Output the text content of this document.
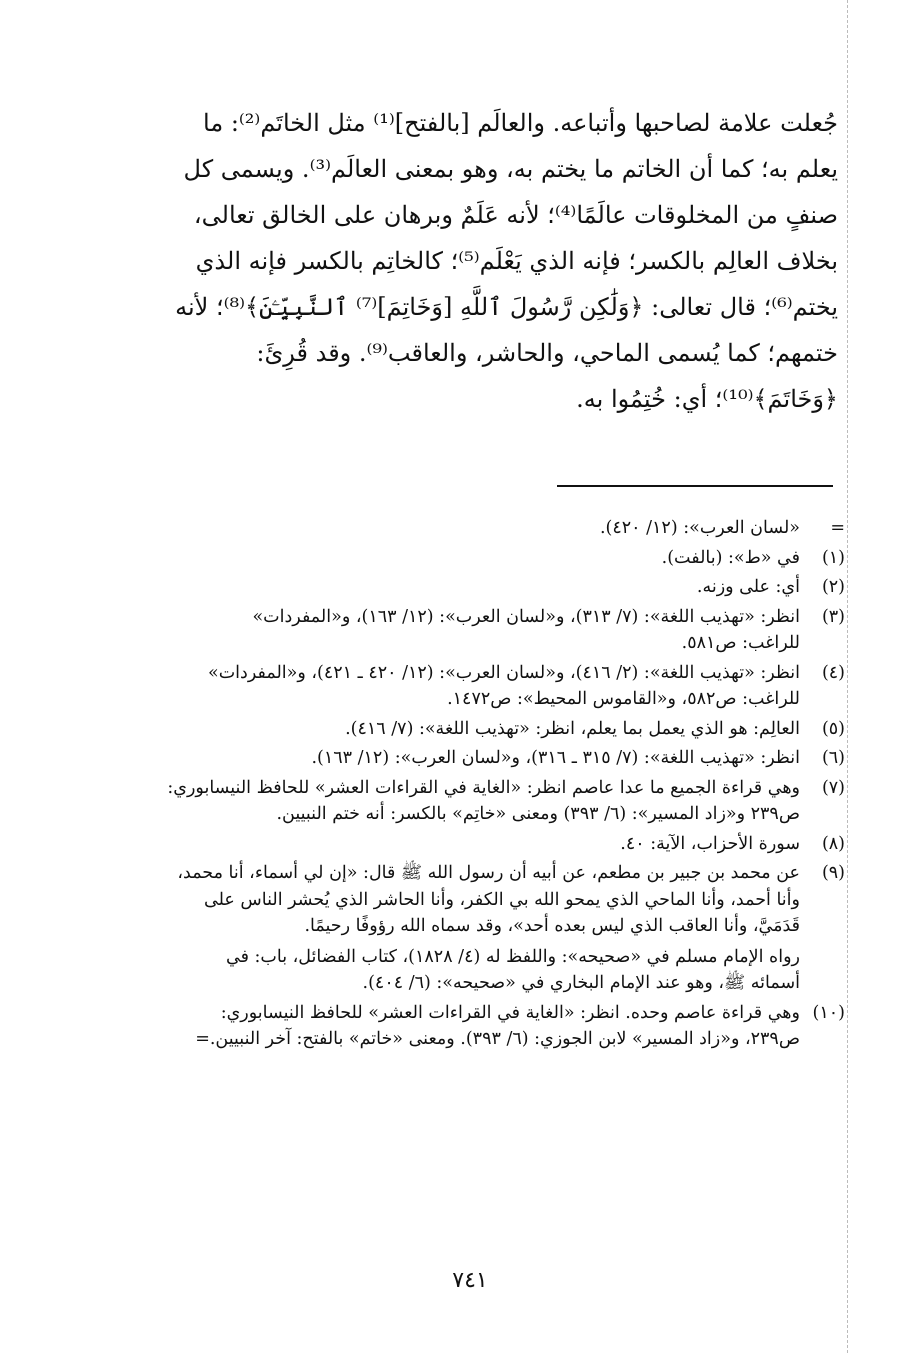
جُعلت علامة لصاحبها وأتباعه. والعالَم [بالفتح]⁽¹⁾ مثل الخاتَم⁽²⁾: ما
يعلم به؛ كما أن الخاتم ما يختم به، وهو بمعنى العالَم⁽³⁾. ويسمى كل
صنفٍ من المخلوقات عالَمًا⁽⁴⁾؛ لأنه عَلَمٌ وبرهان على الخالق تعالى،
بخلاف العالِم بالكسر؛ فإنه الذي يَعْلَم⁽⁵⁾؛ كالخاتِم بالكسر فإنه الذي
يختم⁽⁶⁾؛ قال تعالى: ﴿وَلَٰكِن رَّسُولَ ٱللَّهِ [وَخَاتِمَ]⁽⁷⁾ ٱلنَّبِيِّـۧنَ﴾⁽⁸⁾؛ لأنه
ختمهم؛ كما يُسمى الماحي، والحاشر، والعاقب⁽⁹⁾. وقد قُرِئَ:
﴿وَخَاتَمَ﴾⁽¹⁰⁾؛ أي: خُتِمُوا به.
=
«لسان العرب»: (١٢/ ٤٢٠).
(١)
في «ط»: (بالفت).
(٢)
أي: على وزنه.
(٣)
انظر: «تهذيب اللغة»: (٧/ ٣١٣)، و«لسان العرب»: (١٢/ ١٦٣)، و«المفردات»
للراغب: ص٥٨١.
(٤)
انظر: «تهذيب اللغة»: (٢/ ٤١٦)، و«لسان العرب»: (١٢/ ٤٢٠ ـ ٤٢١)، و«المفردات»
للراغب: ص٥٨٢، و«القاموس المحيط»: ص١٤٧٢.
(٥)
العالِم: هو الذي يعمل بما يعلم، انظر: «تهذيب اللغة»: (٧/ ٤١٦).
(٦)
انظر: «تهذيب اللغة»: (٧/ ٣١٥ ـ ٣١٦)، و«لسان العرب»: (١٢/ ١٦٣).
(٧)
وهي قراءة الجميع ما عدا عاصم انظر: «الغاية في القراءات العشر» للحافظ النيسابوري:
ص٢٣٩ و«زاد المسير»: (٦/ ٣٩٣) ومعنى «خاتِم» بالكسر: أنه ختم النبيين.
(٨)
سورة الأحزاب، الآية: ٤٠.
(٩)
عن محمد بن جبير بن مطعم، عن أبيه أن رسول الله ﷺ قال: «إن لي أسماء، أنا محمد،
وأنا أحمد، وأنا الماحي الذي يمحو الله بي الكفر، وأنا الحاشر الذي يُحشر الناس على
قَدَمَيَّ، وأنا العاقب الذي ليس بعده أحد»، وقد سماه الله رؤوفًا رحيمًا.
رواه الإمام مسلم في «صحيحه»: واللفظ له (٤/ ١٨٢٨)، كتاب الفضائل، باب: في
أسمائه ﷺ، وهو عند الإمام البخاري في «صحيحه»: (٦/ ٤٠٤).
(١٠)
وهي قراءة عاصم وحده. انظر: «الغاية في القراءات العشر» للحافظ النيسابوري:
ص٢٣٩، و«زاد المسير» لابن الجوزي: (٦/ ٣٩٣). ومعنى «خاتم» بالفتح: آخر النبيين.=
٧٤١
